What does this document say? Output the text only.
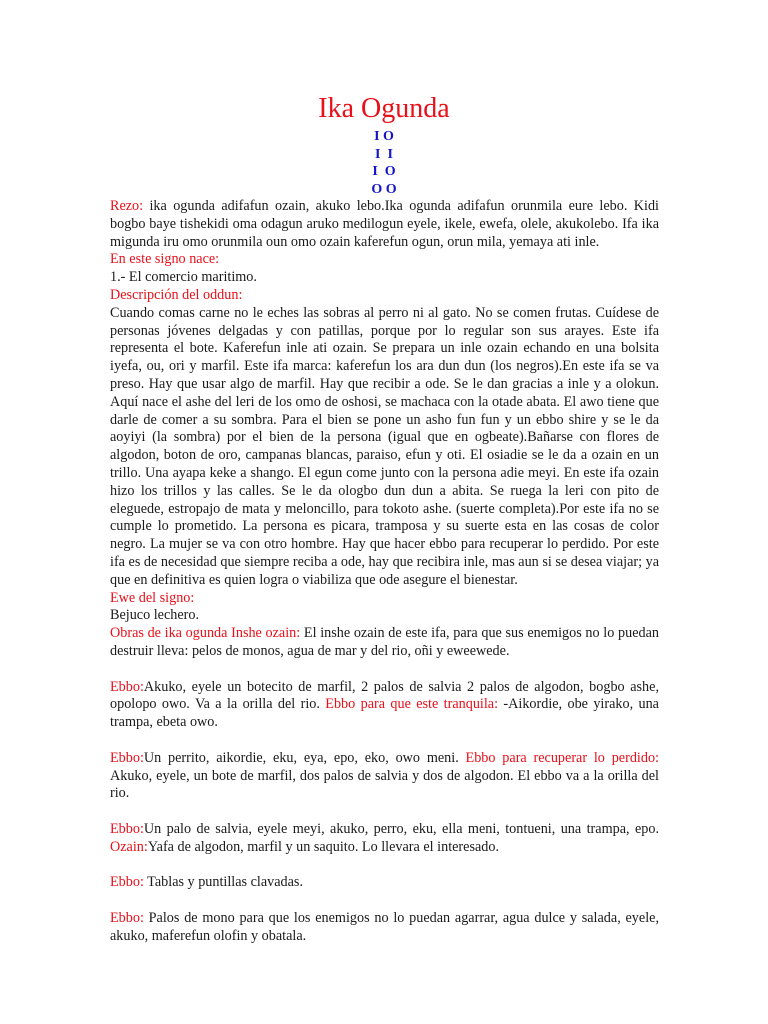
Ika Ogunda
I O
I  I
I  O
O O

Rezo: ika ogunda adifafun ozain, akuko lebo.Ika ogunda adifafun orunmila eure lebo. Kidi bogbo baye tishekidi oma odagun aruko medilogun eyele, ikele, ewefa, olele, akukolebo. Ifa ika migunda iru omo orunmila oun omo ozain kaferefun ogun, orun mila, yemaya ati inle.

En este signo nace:

1.- El comercio maritimo.

Descripción del oddun:

Cuando comas carne no le eches las sobras al perro ni al gato. No se comen frutas. Cuídese de personas jóvenes delgadas y con patillas, porque por lo regular son sus arayes. Este ifa representa el bote. Kaferefun inle ati ozain. Se prepara un inle ozain echando en una bolsita iyefa, ou, ori y marfil. Este ifa marca: kaferefun los ara dun dun (los negros).En este ifa se va preso. Hay que usar algo de marfil. Hay que recibir a ode. Se le dan gracias a inle y a olokun. Aquí nace el ashe del leri de los omo de oshosi, se machaca con la otade abata. El awo tiene que darle de comer a su sombra. Para el bien se pone un asho fun fun y un ebbo shire y se le da aoyiyi (la sombra) por el bien de la persona (igual que en ogbeate).Bañarse con flores de algodon, boton de oro, campanas blancas, paraiso, efun y oti. El osiadie se le da a ozain en un trillo. Una ayapa keke a shango. El egun come junto con la persona adie meyi. En este ifa ozain hizo los trillos y las calles. Se le da ologbo dun dun a abita. Se ruega la leri con pito de eleguede, estropajo de mata y meloncillo, para tokoto ashe. (suerte completa).Por este ifa no se cumple lo prometido. La persona es picara, tramposa y su suerte esta en las cosas de color negro. La mujer se va con otro hombre. Hay que hacer ebbo para recuperar lo perdido. Por este ifa es de necesidad que siempre reciba a ode, hay que recibira inle, mas aun si se desea viajar; ya que en definitiva es quien logra o viabiliza que ode asegure el bienestar.

Ewe del signo:

Bejuco lechero.

Obras de ika ogunda Inshe ozain: El inshe ozain de este ifa, para que sus enemigos no lo puedan destruir lleva: pelos de monos, agua de mar y del rio, oñi y eweewede.

Ebbo:Akuko, eyele un botecito de marfil, 2 palos de salvia 2 palos de algodon, bogbo ashe, opolopo owo. Va a la orilla del rio. Ebbo para que este tranquila: -Aikordie, obe yirako, una trampa, ebeta owo.

Ebbo:Un perrito, aikordie, eku, eya, epo, eko, owo meni. Ebbo para recuperar lo perdido: Akuko, eyele, un bote de marfil, dos palos de salvia y dos de algodon. El ebbo va a la orilla del rio.

Ebbo:Un palo de salvia, eyele meyi, akuko, perro, eku, ella meni, tontueni, una trampa, epo. Ozain:Yafa de algodon, marfil y un saquito. Lo llevara el interesado.

Ebbo: Tablas y puntillas clavadas.

Ebbo: Palos de mono para que los enemigos no lo puedan agarrar, agua dulce y salada, eyele, akuko, maferefun olofin y obatala.
